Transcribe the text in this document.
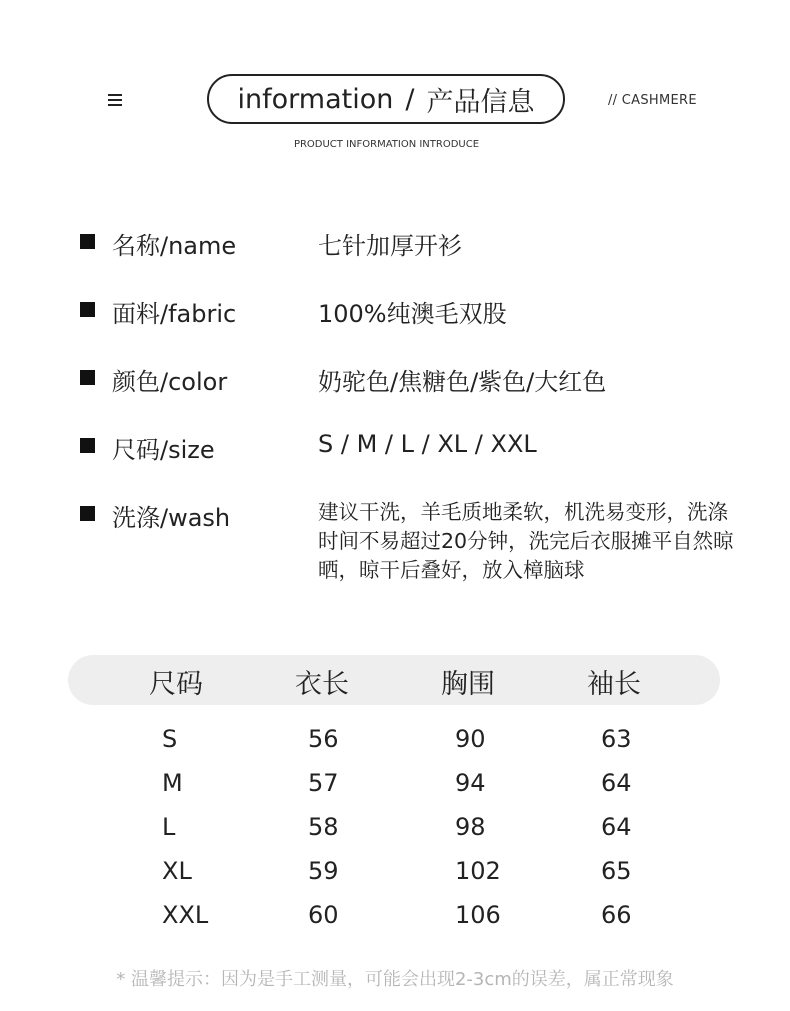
information / 产品信息	// CASHMERE
PRODUCT INFORMATION INTRODUCE
名称/name	七针加厚开衫
面料/fabric	100%纯澳毛双股
颜色/color	奶驼色/焦糖色/紫色/大红色
尺码/size	S / M / L / XL / XXL
洗涤/wash	建议干洗，羊毛质地柔软，机洗易变形，洗涤时间不易超过20分钟，洗完后衣服摊平自然晾晒，晾干后叠好，放入樟脑球
尺码	衣长	胸围	袖长
S	56	90	63
M	57	94	64
L	58	98	64
XL	59	102	65
XXL	60	106	66
* 温馨提示：因为是手工测量，可能会出现2-3cm的误差，属正常现象
